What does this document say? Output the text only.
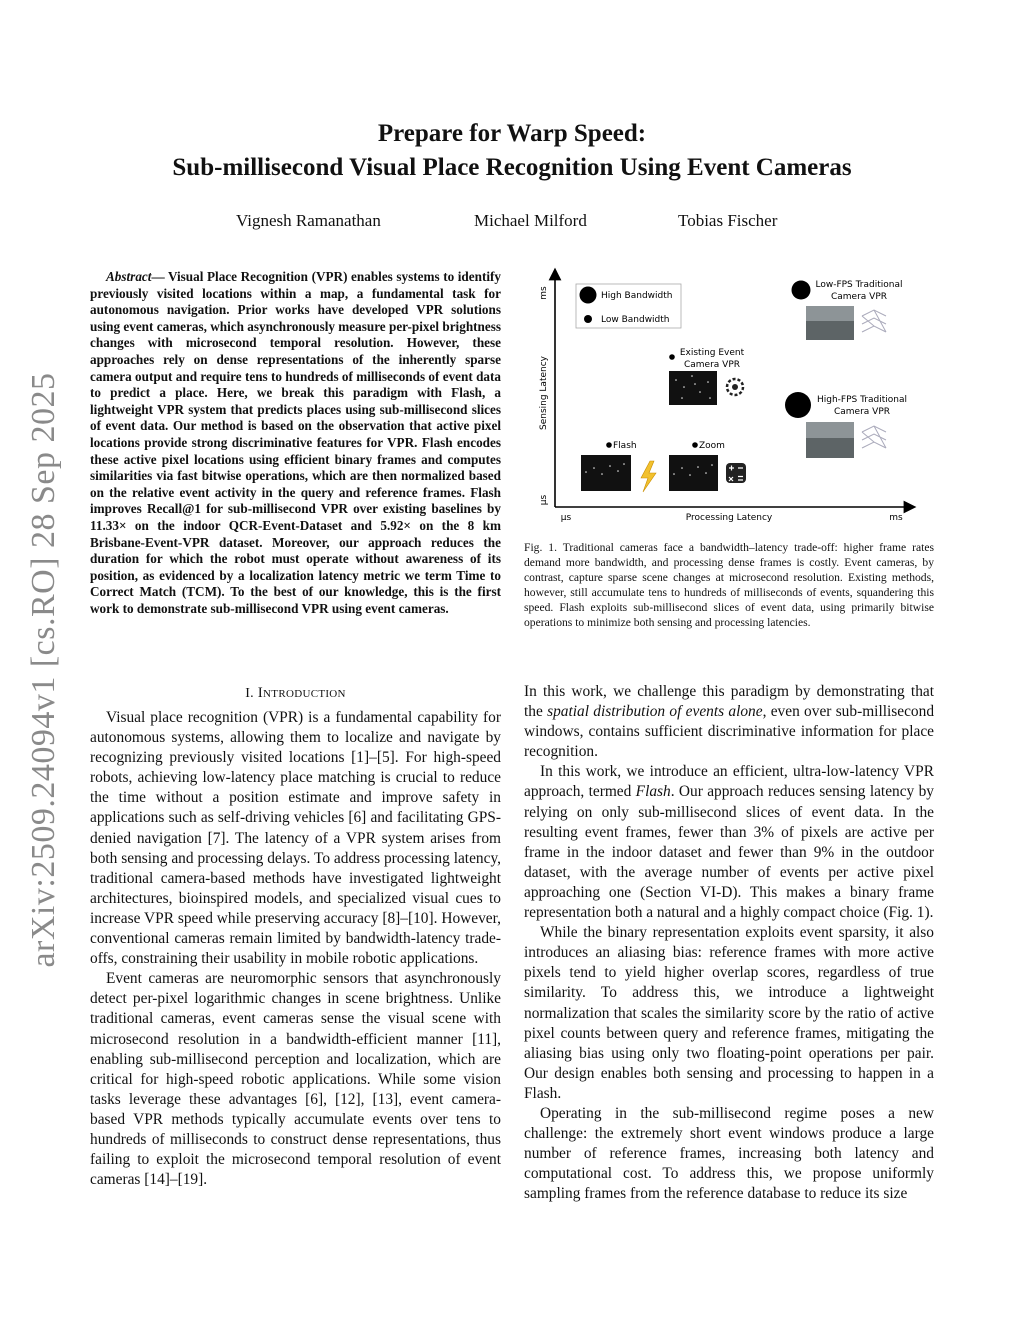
arXiv:2509.24094v1 [cs.RO] 28 Sep 2025
Prepare for Warp Speed:
Sub-millisecond Visual Place Recognition Using Event Cameras
Vignesh Ramanathan	Michael Milford	Tobias Fischer
Abstract— Visual Place Recognition (VPR) enables systems to identify previously visited locations within a map, a fundamental task for autonomous navigation. Prior works have developed VPR solutions using event cameras, which asynchronously measure per-pixel brightness changes with microsecond temporal resolution. However, these approaches rely on dense representations of the inherently sparse camera output and require tens to hundreds of milliseconds of event data to predict a place. Here, we break this paradigm with Flash, a lightweight VPR system that predicts places using sub-millisecond slices of event data. Our method is based on the observation that active pixel locations provide strong discriminative features for VPR. Flash encodes these active pixel locations using efficient binary frames and computes similarities via fast bitwise operations, which are then normalized based on the relative event activity in the query and reference frames. Flash improves Recall@1 for sub-millisecond VPR over existing baselines by 11.33× on the indoor QCR-Event-Dataset and 5.92× on the 8 km Brisbane-Event-VPR dataset. Moreover, our approach reduces the duration for which the robot must operate without awareness of its position, as evidenced by a localization latency metric we term Time to Correct Match (TCM). To the best of our knowledge, this is the first work to demonstrate sub-millisecond VPR using event cameras.
I. Introduction

Visual place recognition (VPR) is a fundamental capability for autonomous systems, allowing them to localize and navigate by recognizing previously visited locations [1]–[5]. For high-speed robots, achieving low-latency place matching is crucial to reduce the time without a position estimate and improve safety in applications such as self-driving vehicles [6] and facilitating GPS-denied navigation [7]. The latency of a VPR system arises from both sensing and processing delays. To address processing latency, traditional camera-based methods have investigated lightweight architectures, bioinspired models, and specialized visual cues to increase VPR speed while preserving accuracy [8]–[10]. However, conventional cameras remain limited by bandwidth-latency trade-offs, constraining their usability in mobile robotic applications.

Event cameras are neuromorphic sensors that asynchronously detect per-pixel logarithmic changes in scene brightness. Unlike traditional cameras, event cameras sense the visual scene with microsecond resolution in a bandwidth-efficient manner [11], enabling sub-millisecond perception and localization, which are critical for high-speed robotic applications. While some vision tasks leverage these advantages [6], [12], [13], event camera-based VPR methods typically accumulate events over tens to hundreds of milliseconds to construct dense representations, thus failing to exploit the microsecond temporal resolution of event cameras [14]–[19].

Sensing Latency
ms
μs
Processing Latency
μs	ms
High Bandwidth
Low Bandwidth
Low-FPS Traditional
Camera VPR
Existing Event
Camera VPR
High-FPS Traditional
Camera VPR
Flash	Zoom
Fig. 1. Traditional cameras face a bandwidth–latency trade-off: higher frame rates demand more bandwidth, and processing dense frames is costly. Event cameras, by contrast, capture sparse scene changes at microsecond resolution. Existing methods, however, still accumulate tens to hundreds of milliseconds of events, squandering this speed. Flash exploits sub-millisecond slices of event data, using primarily bitwise operations to minimize both sensing and processing latencies.

In this work, we challenge this paradigm by demonstrating that the spatial distribution of events alone, even over sub-millisecond windows, contains sufficient discriminative information for place recognition.

In this work, we introduce an efficient, ultra-low-latency VPR approach, termed Flash. Our approach reduces sensing latency by relying on only sub-millisecond slices of event data. In the resulting event frames, fewer than 3% of pixels are active per frame in the indoor dataset and fewer than 9% in the outdoor dataset, with the average number of events per active pixel approaching one (Section VI-D). This makes a binary frame representation both a natural and a highly compact choice (Fig. 1).

While the binary representation exploits event sparsity, it also introduces an aliasing bias: reference frames with more active pixels tend to yield higher overlap scores, regardless of true similarity. To address this, we introduce a lightweight normalization that scales the similarity score by the ratio of active pixel counts between query and reference frames, mitigating the aliasing bias using only two floating-point operations per pair. Our design enables both sensing and processing to happen in a Flash.

Operating in the sub-millisecond regime poses a new challenge: the extremely short event windows produce a large number of reference frames, increasing both latency and computational cost. To address this, we propose uniformly sampling frames from the reference database to reduce its size
